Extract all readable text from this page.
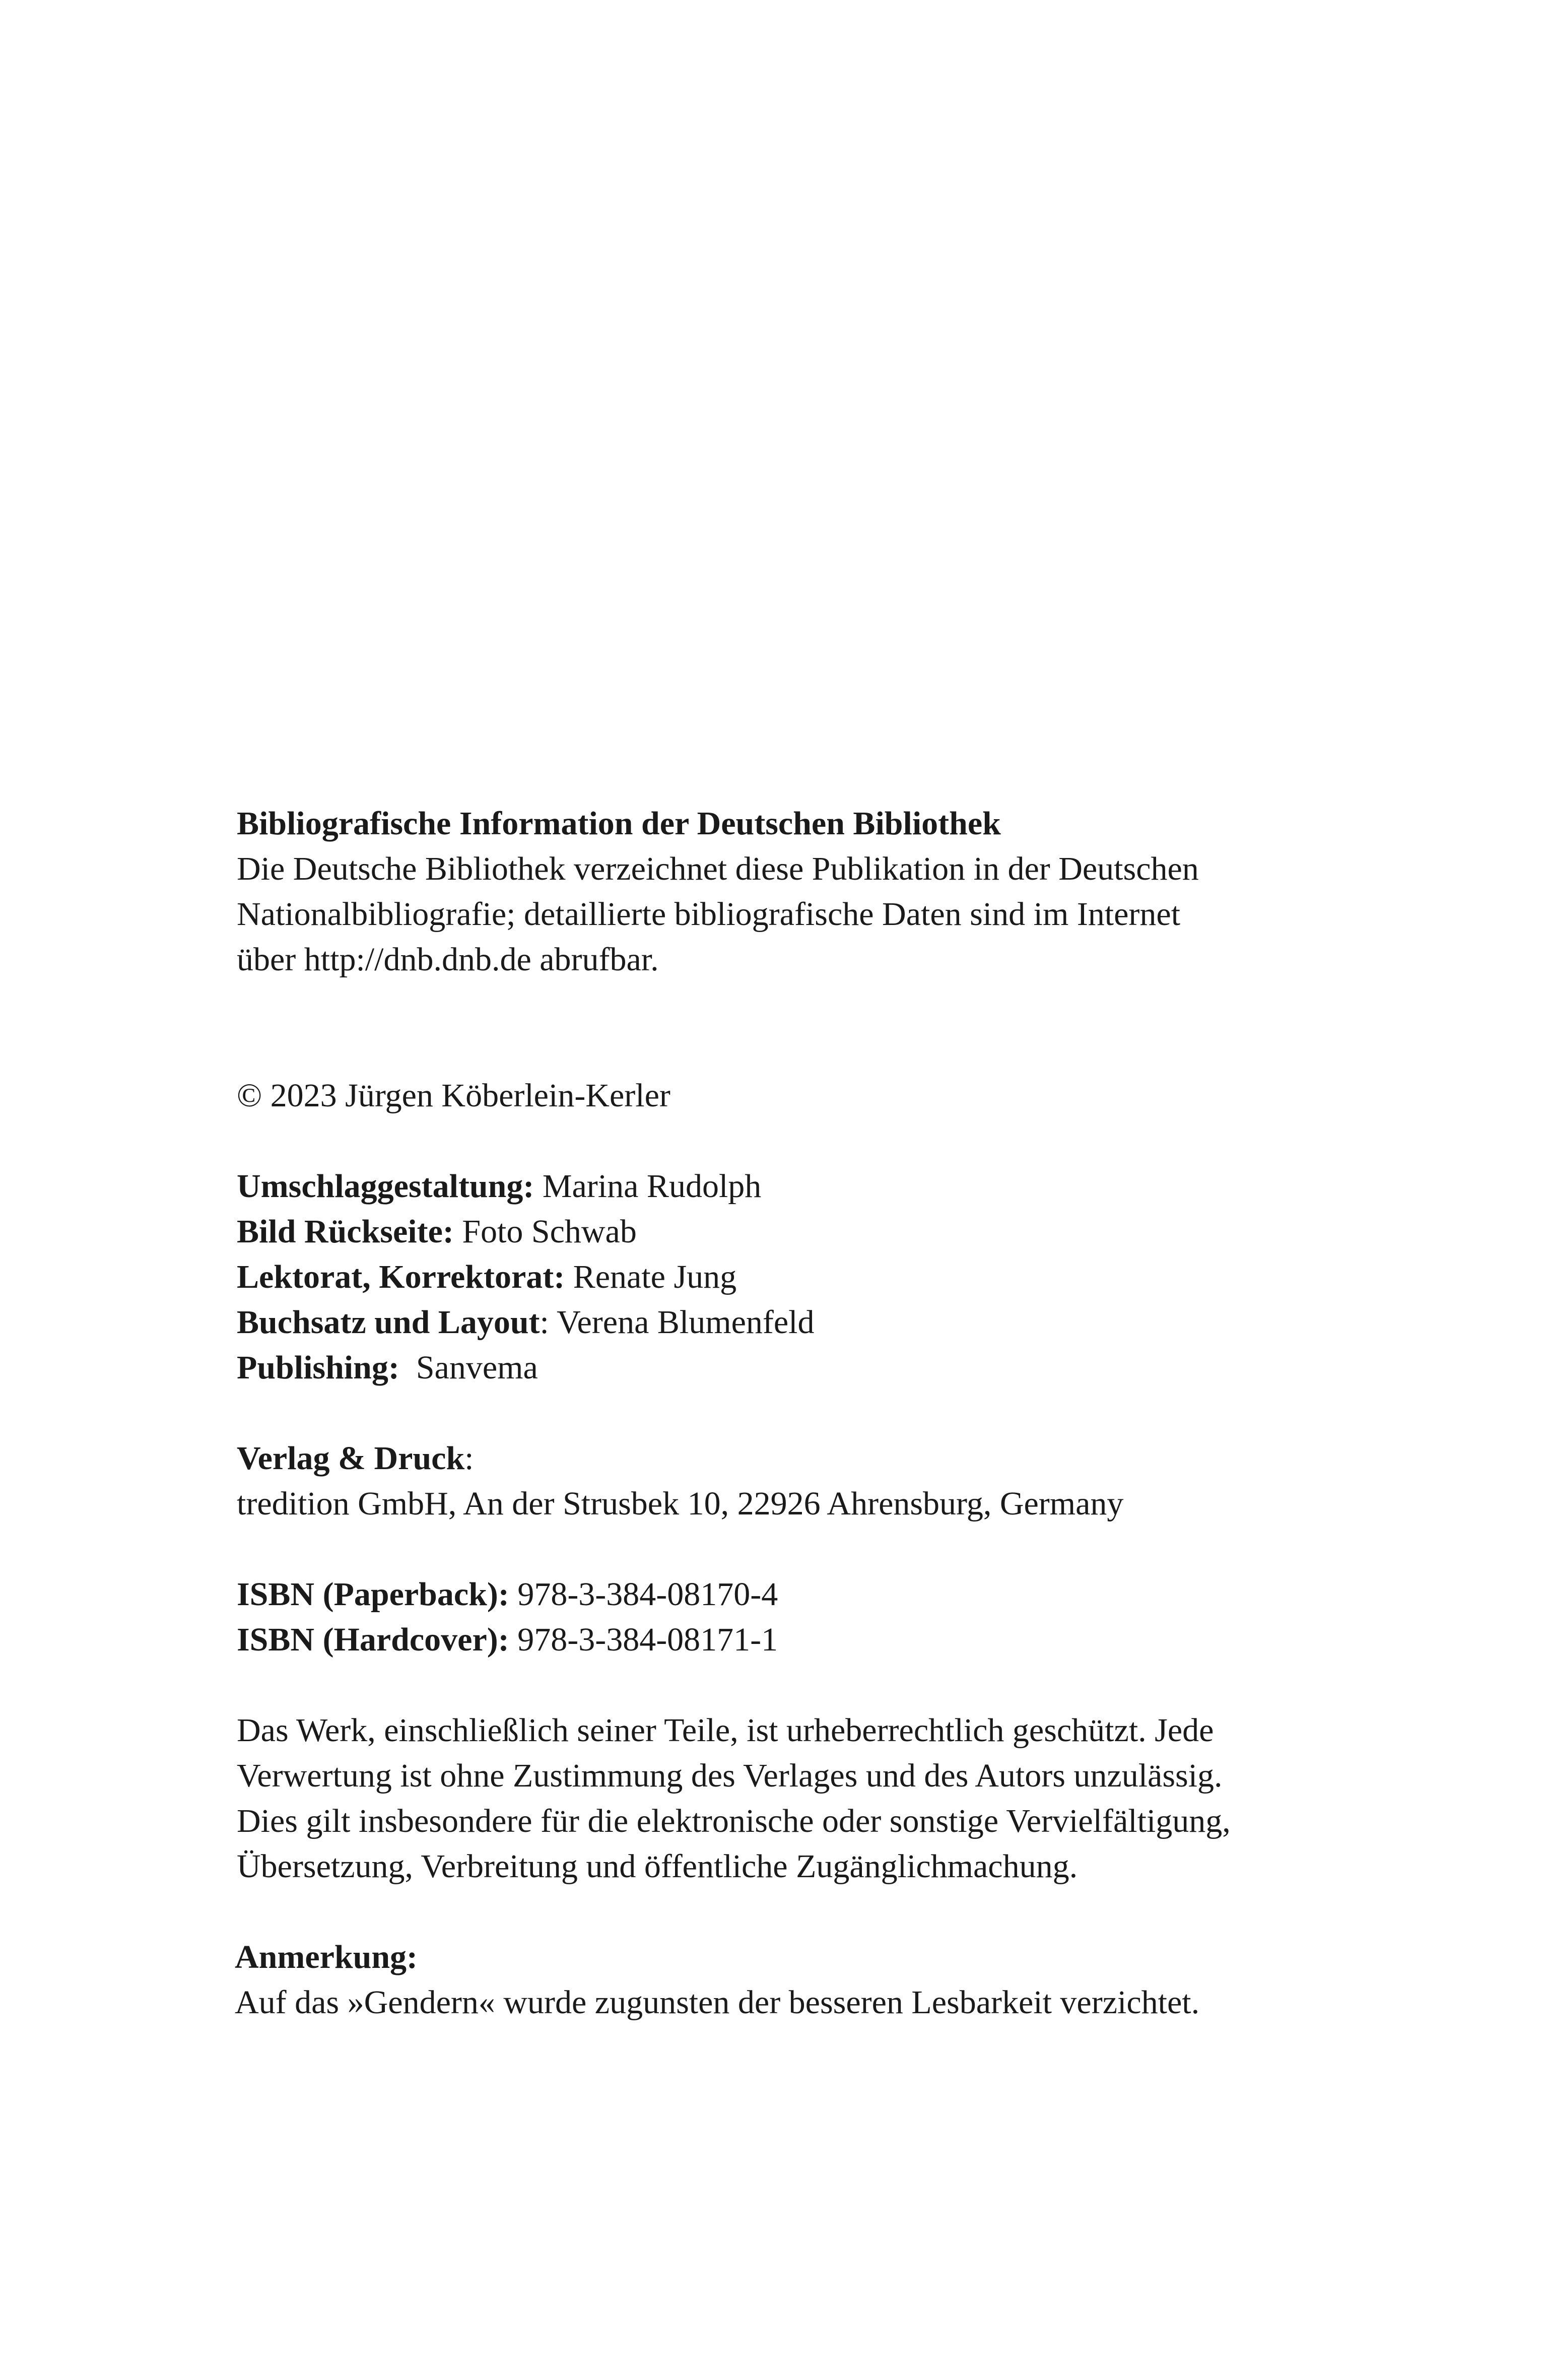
Bibliografische Information der Deutschen Bibliothek
Die Deutsche Bibliothek verzeichnet diese Publikation in der Deutschen
Nationalbibliografie; detaillierte bibliografische Daten sind im Internet
über http://dnb.dnb.de abrufbar.
© 2023 Jürgen Köberlein-Kerler
Umschlaggestaltung: Marina Rudolph
Bild Rückseite: Foto Schwab
Lektorat, Korrektorat: Renate Jung
Buchsatz und Layout: Verena Blumenfeld
Publishing:  Sanvema
Verlag & Druck:
tredition GmbH, An der Strusbek 10, 22926 Ahrensburg, Germany
ISBN (Paperback): 978-3-384-08170-4
ISBN (Hardcover): 978-3-384-08171-1
Das Werk, einschließlich seiner Teile, ist urheberrechtlich geschützt. Jede
Verwertung ist ohne Zustimmung des Verlages und des Autors unzulässig.
Dies gilt insbesondere für die elektronische oder sonstige Vervielfältigung,
Übersetzung, Verbreitung und öffentliche Zugänglichmachung.
Anmerkung:
Auf das »Gendern« wurde zugunsten der besseren Lesbarkeit verzichtet.
